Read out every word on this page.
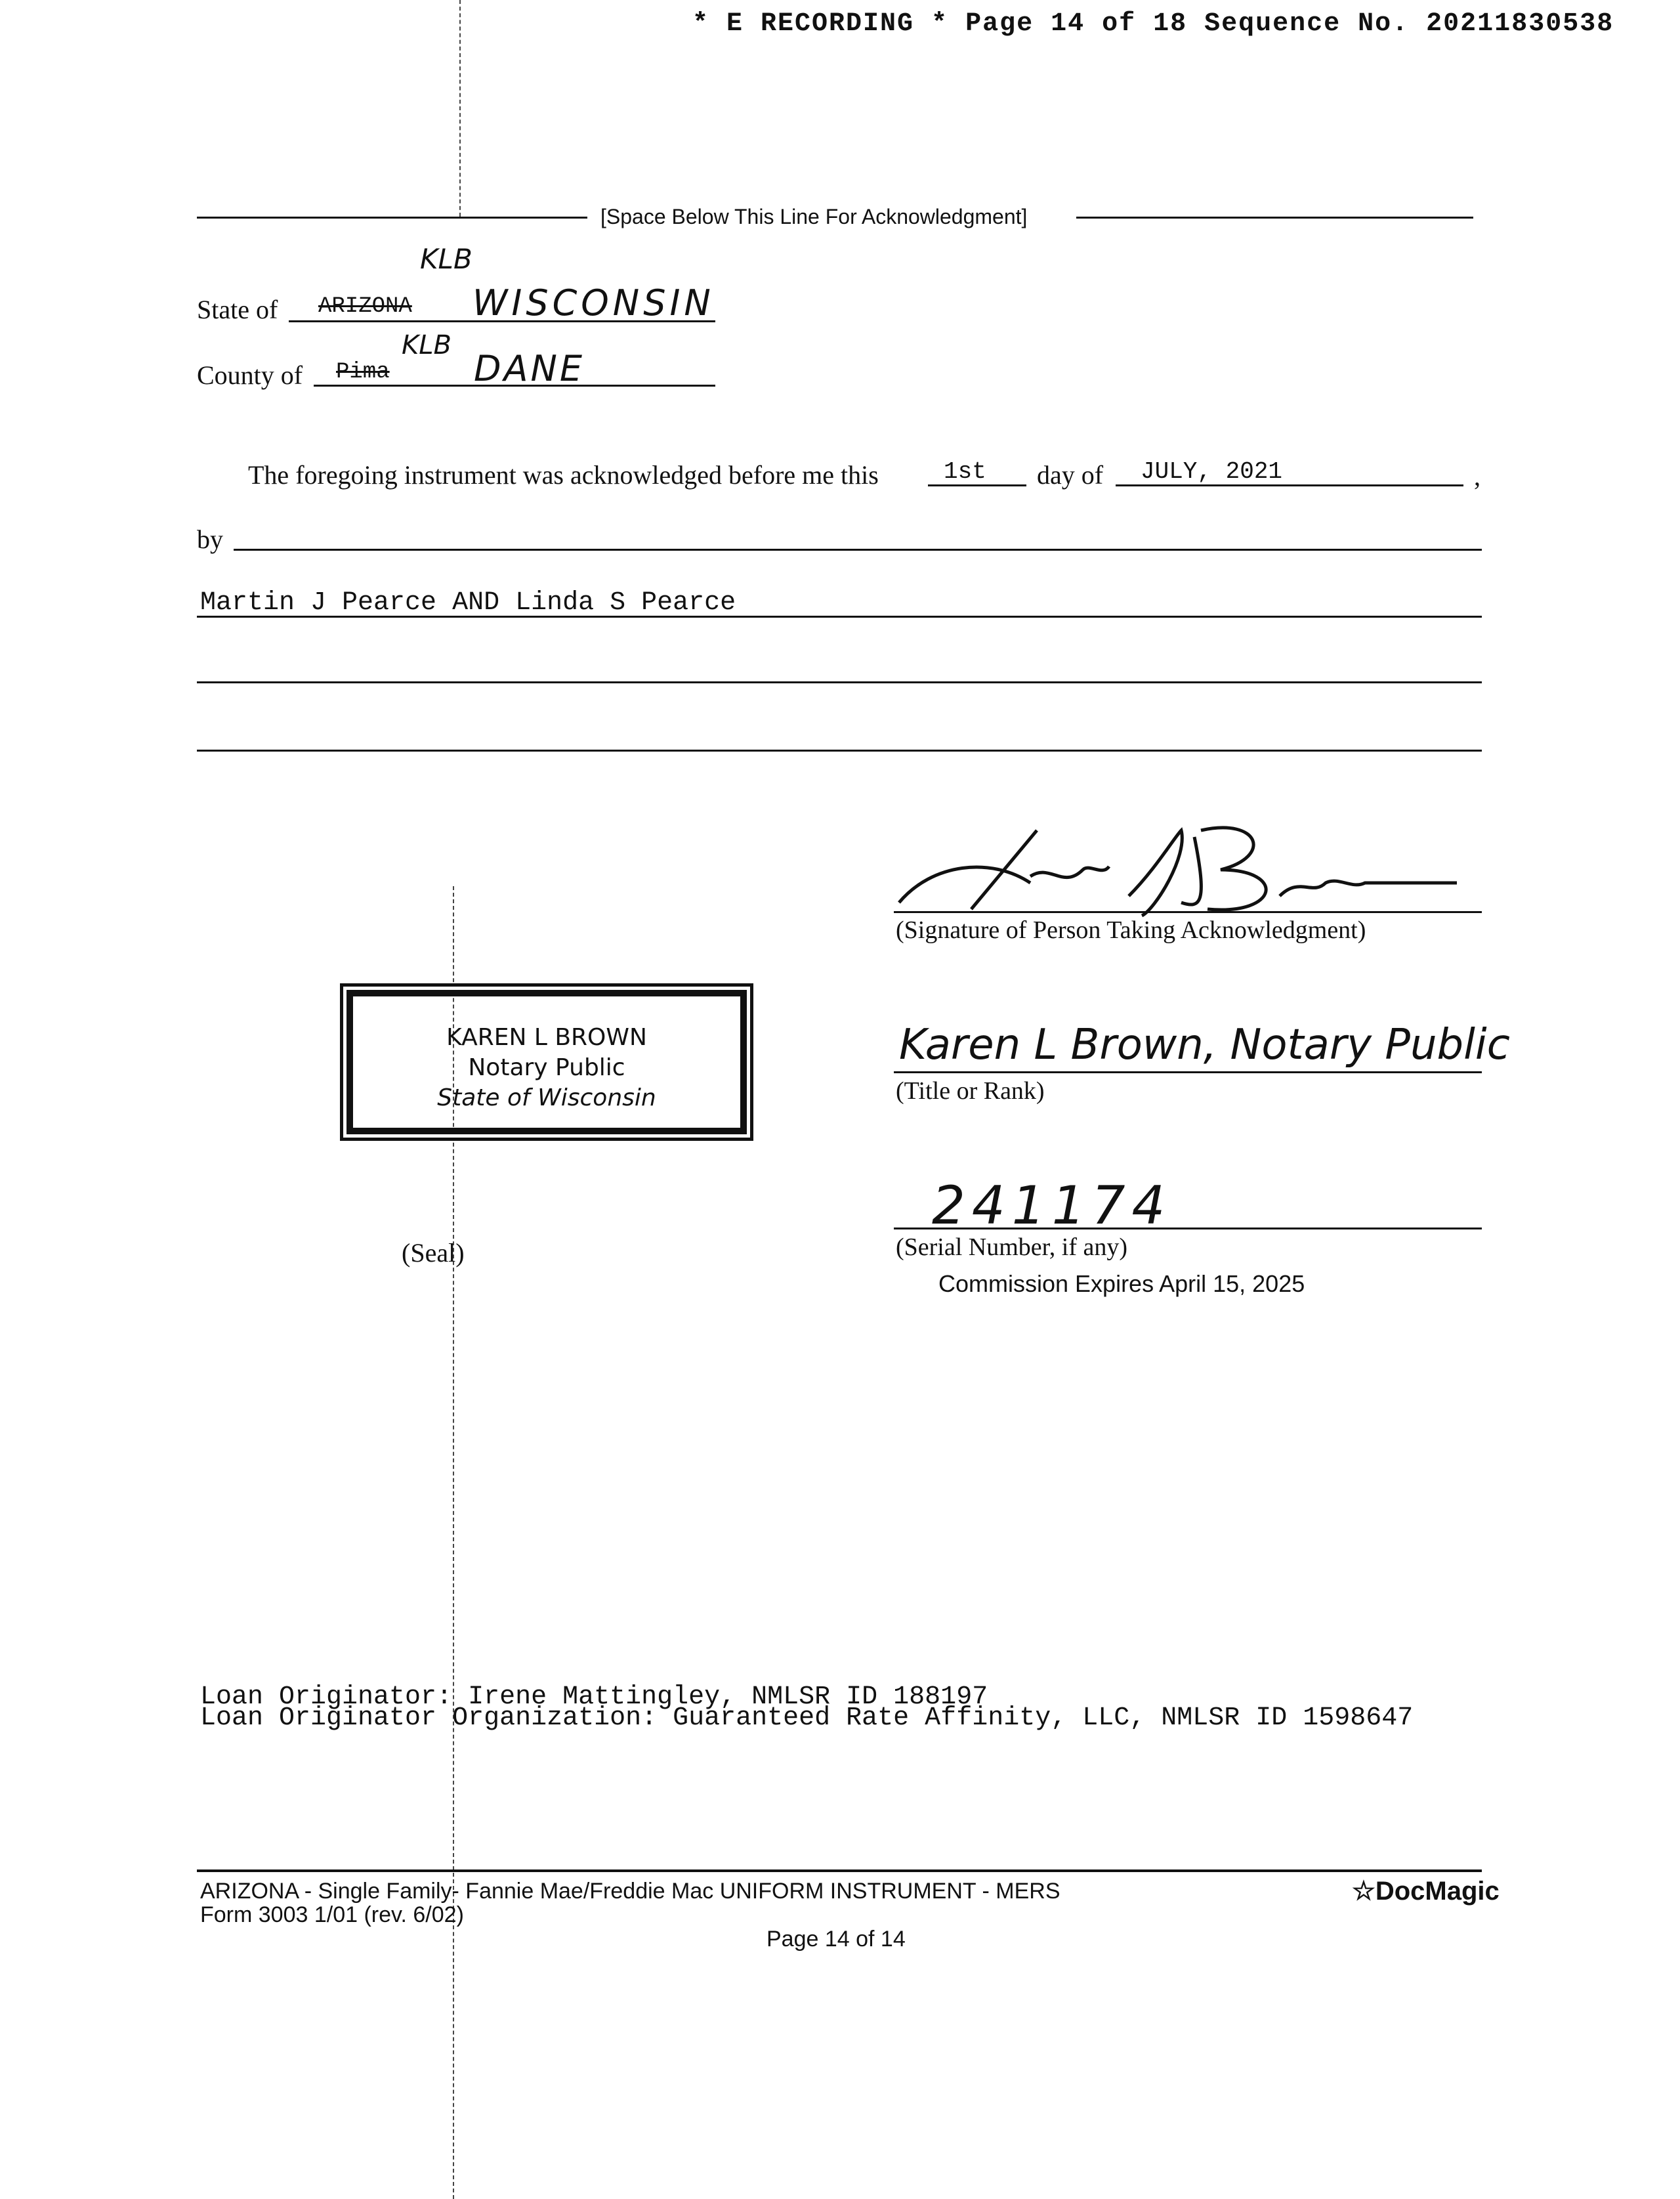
* E RECORDING * Page 14 of 18 Sequence No. 20211830538
[Space Below This Line For Acknowledgment]
State of ARIZONA
KLB
WISCONSIN
County of Pima
KLB
DANE
The foregoing instrument was acknowledged before me this	1st day of JULY, 2021	,
by
Martin J Pearce AND Linda S Pearce
(Signature of Person Taking Acknowledgment)
KAREN L BROWN
Notary Public
State of Wisconsin
Karen L Brown, Notary Public
(Title or Rank)
241174
(Serial Number, if any)
Commission Expires April 15, 2025
(Seal)
Loan Originator: Irene Mattingley, NMLSR ID 188197
Loan Originator Organization: Guaranteed Rate Affinity, LLC, NMLSR ID 1598647
ARIZONA - Single Family- Fannie Mae/Freddie Mac UNIFORM INSTRUMENT - MERS
Form 3003 1/01 (rev. 6/02)
Page 14 of 14
☆DocMagic
